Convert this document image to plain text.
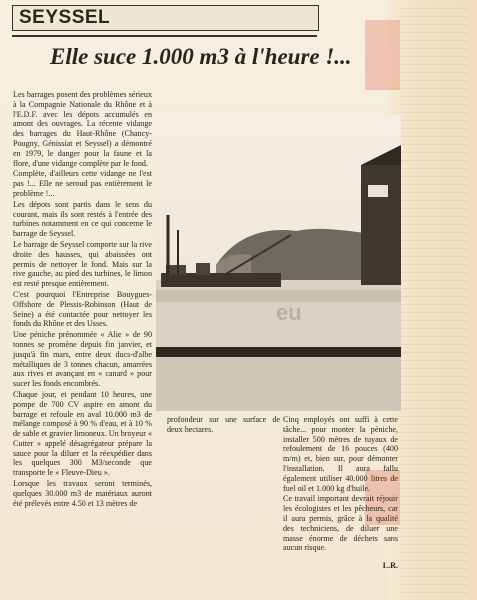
SEYSSEL
Elle suce 1.000 m3 à l'heure !...

Les barrages posent des problèmes sérieux à la Compagnie Nationale du Rhône et à l'E.D.F. avec les dépots accumulés en amont des ouvrages. La récente vidange des barrages du Haut-Rhône (Chancy-Pougny, Génissiat et Seyssel) a démontré en 1979, le danger pour la faune et la flore, d'une vidange complète par le fond.

Complète, d'ailleurs cette vidange ne l'est pas !... Elle ne seroud pas entièrement le problème !...

Les dépots sont partis dans le sens du courant, mais ils sont restés à l'entrée des turbines notamment en ce qui concerne le barrage de Seyssel.

Le barrage de Seyssel comporte sur la rive droite des hausses, qui abaissées ont permis de nettoyer le fond. Mais sur la rive gauche, au pied des turbines, le limon est resté presque entièrement.

C'est pourquoi l'Entreprise Bouygues-Offshore de Plessis-Robinson (Haut de Seine) a été contactée pour nettoyer les fonds du Rhône et des Usses.

Une péniche prénommée « Alie » de 90 tonnes se promène depuis fin janvier, et jusqu'à fin mars, entre deux ducs-d'albe métalliques de 3 tonnes chacun, amarrées aux rives et avançant en « canard » pour sucer les fonds encombrés.

Chaque jour, et pendant 10 heures, une pompe de 700 CV aspire en amont du barrage et refoule en aval 10.000 m3 de mélange composé à 90 % d'eau, et à 10 % de sable et gravier limoneux. Un broyeur « Cutter » appelé désagrégateur prépare la sauce pour la diluer et la réexpédier dans les quelques 300 M3/seconde que transporte le « Fleuve-Dieu ».

Lorsque les travaux seront terminés, quelques 30.000 m3 de matériaux auront été prélevés entre 4.50 et 13 mètres de

eu

profondeur sur une surface de deux hectares.

Cinq employés ont suffi à cette tâche... pour monter la péniche, installer 500 mètres de tuyaux de refoulement de 16 pouces (400 m/m) et, bien sur, pour démonter l'installation. Il aura fallu également utiliser 40.000 litres de fuel oil et 1.000 kg d'huile.

Ce travail important devrait réjouir les écologistes et les pêcheurs, car il aura permis, grâce à la qualité des techniciens, de diluer une masse énorme de déchets sans aucun risque.

L.R.
